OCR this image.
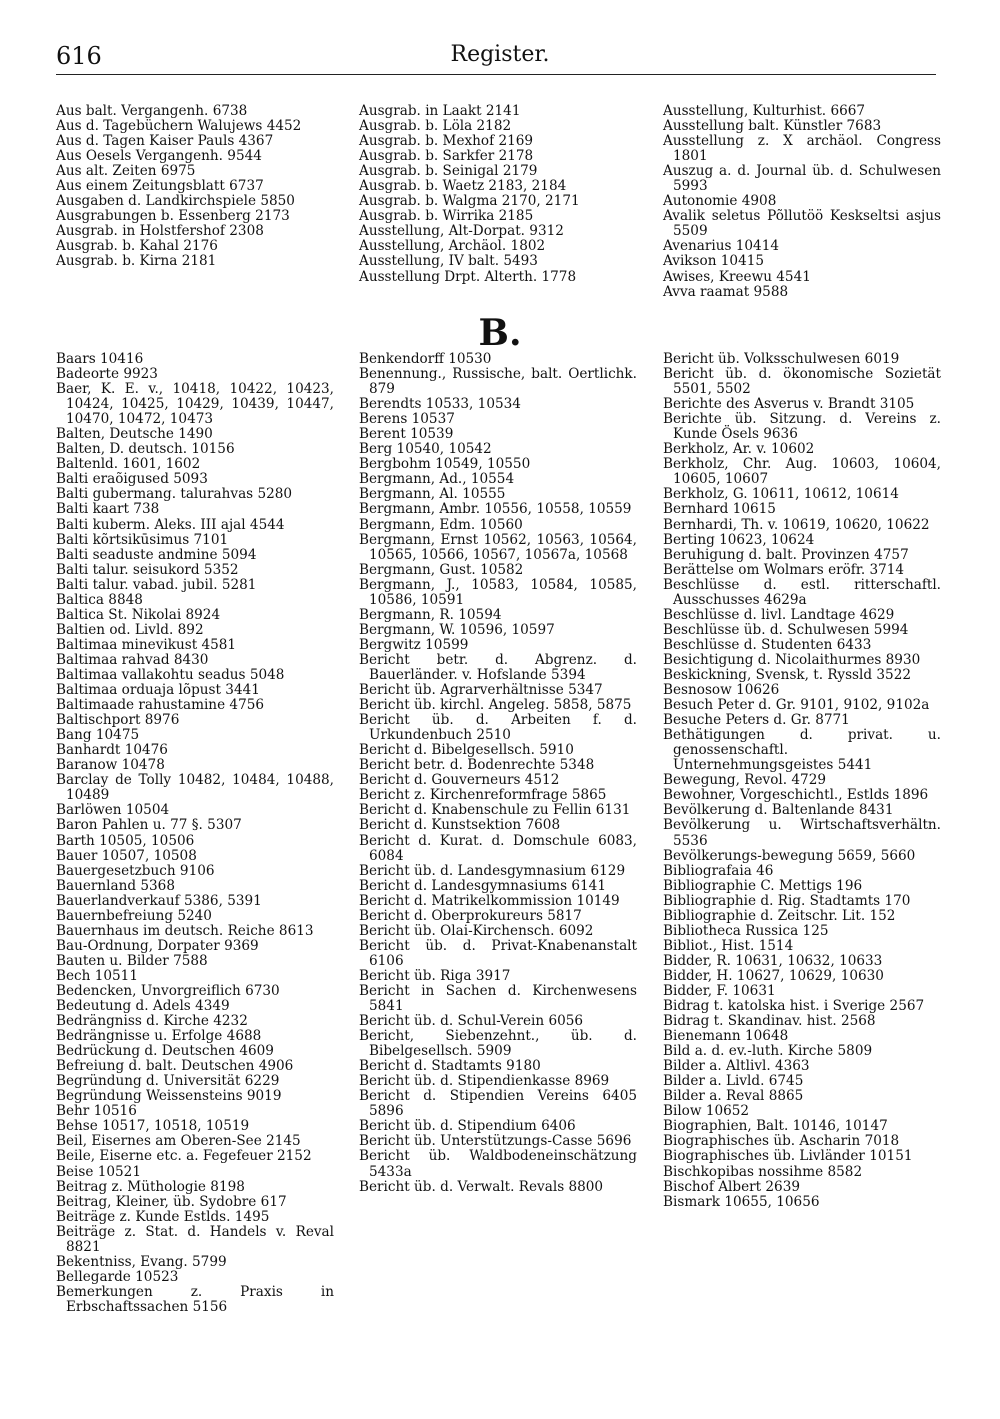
616	Register.
Aus balt. Vergangenh. 6738
Aus d. Tagebüchern Walujews 4452
Aus d. Tagen Kaiser Pauls 4367
Aus Oesels Vergangenh. 9544
Aus alt. Zeiten 6975
Aus einem Zeitungsblatt 6737
Ausgaben d. Landkirchspiele 5850
Ausgrabungen b. Essenberg 2173
Ausgrab. in Holstfershof 2308
Ausgrab. b. Kahal 2176
Ausgrab. b. Kirna 2181
Ausgrab. in Laakt 2141
Ausgrab. b. Löla 2182
Ausgrab. b. Mexhof 2169
Ausgrab. b. Sarkfer 2178
Ausgrab. b. Seinigal 2179
Ausgrab. b. Waetz 2183, 2184
Ausgrab. b. Walgma 2170, 2171
Ausgrab. b. Wirrika 2185
Ausstellung, Alt-Dorpat. 9312
Ausstellung, Archäol. 1802
Ausstellung, IV balt. 5493
Ausstellung Drpt. Alterth. 1778
Ausstellung, Kulturhist. 6667
Ausstellung balt. Künstler 7683
Ausstellung z. X archäol. Congress 1801
Auszug a. d. Journal üb. d. Schulwesen 5993
Autonomie 4908
Avalik seletus Põllutöö Keskseltsi asjus 5509
Avenarius 10414
Avikson 10415
Awises, Kreewu 4541
Avva raamat 9588
B.
Baars 10416
Badeorte 9923
Baer, K. E. v., 10418, 10422, 10423, 10424, 10425, 10429, 10439, 10447, 10470, 10472, 10473
Balten, Deutsche 1490
Balten, D. deutsch. 10156
Baltenld. 1601, 1602
Balti eraõigused 5093
Balti gubermang. talurahvas 5280
Balti kaart 738
Balti kuberm. Aleks. III ajal 4544
Balti kõrtsikūsimus 7101
Balti seaduste andmine 5094
Balti talur. seisukord 5352
Balti talur. vabad. jubil. 5281
Baltica 8848
Baltica St. Nikolai 8924
Baltien od. Livld. 892
Baltimaa minevikust 4581
Baltimaa rahvad 8430
Baltimaa vallakohtu seadus 5048
Baltimaa orduaja lõpust 3441
Baltimaade rahustamine 4756
Baltischport 8976
Bang 10475
Banhardt 10476
Baranow 10478
Barclay de Tolly 10482, 10484, 10488, 10489
Barlöwen 10504
Baron Pahlen u. 77 §. 5307
Barth 10505, 10506
Bauer 10507, 10508
Bauergesetzbuch 9106
Bauernland 5368
Bauerlandverkauf 5386, 5391
Bauernbefreiung 5240
Bauernhaus im deutsch. Reiche 8613
Bau-Ordnung, Dorpater 9369
Bauten u. Bilder 7588
Bech 10511
Bedencken, Unvorgreiflich 6730
Bedeutung d. Adels 4349
Bedrängniss d. Kirche 4232
Bedrängnisse u. Erfolge 4688
Bedrückung d. Deutschen 4609
Befreiung d. balt. Deutschen 4906
Begründung d. Universität 6229
Begründung Weissensteins 9019
Behr 10516
Behse 10517, 10518, 10519
Beil, Eisernes am Oberen-See 2145
Beile, Eiserne etc. a. Fegefeuer 2152
Beise 10521
Beitrag z. Müthologie 8198
Beitrag, Kleiner, üb. Sydobre 617
Beiträge z. Kunde Estlds. 1495
Beiträge z. Stat. d. Handels v. Reval 8821
Bekentniss, Evang. 5799
Bellegarde 10523
Bemerkungen z. Praxis in Erbschaftssachen 5156
Benkendorff 10530
Benennung., Russische, balt. Oertlichk. 879
Berendts 10533, 10534
Berens 10537
Berent 10539
Berg 10540, 10542
Bergbohm 10549, 10550
Bergmann, Ad., 10554
Bergmann, Al. 10555
Bergmann, Ambr. 10556, 10558, 10559
Bergmann, Edm. 10560
Bergmann, Ernst 10562, 10563, 10564, 10565, 10566, 10567, 10567a, 10568
Bergmann, Gust. 10582
Bergmann, J., 10583, 10584, 10585, 10586, 10591
Bergmann, R. 10594
Bergmann, W. 10596, 10597
Bergwitz 10599
Bericht betr. d. Abgrenz. d. Bauerländer. v. Hofslande 5394
Bericht üb. Agrarverhältnisse 5347
Bericht üb. kirchl. Angeleg. 5858, 5875
Bericht üb. d. Arbeiten f. d. Urkundenbuch 2510
Bericht d. Bibelgesellsch. 5910
Bericht betr. d. Bodenrechte 5348
Bericht d. Gouverneurs 4512
Bericht z. Kirchenreformfrage 5865
Bericht d. Knabenschule zu Fellin 6131
Bericht d. Kunstsektion 7608
Bericht d. Kurat. d. Domschule 6083, 6084
Bericht üb. d. Landesgymnasium 6129
Bericht d. Landesgymnasiums 6141
Bericht d. Matrikelkommission 10149
Bericht d. Oberprokureurs 5817
Bericht üb. Olai-Kirchensch. 6092
Bericht üb. d. Privat-Knabenanstalt 6106
Bericht üb. Riga 3917
Bericht in Sachen d. Kirchenwesens 5841
Bericht üb. d. Schul-Verein 6056
Bericht, Siebenzehnt., üb. d. Bibelgesellsch. 5909
Bericht d. Stadtamts 9180
Bericht üb. d. Stipendienkasse 8969
Bericht d. Stipendien Vereins 6405 5896
Bericht üb. d. Stipendium 6406
Bericht üb. Unterstützungs-Casse 5696
Bericht üb. Waldbodeneinschätzung 5433a
Bericht üb. d. Verwalt. Revals 8800
Bericht üb. Volksschulwesen 6019
Bericht üb. d. ökonomische Sozietät 5501, 5502
Berichte des Asverus v. Brandt 3105
Berichte üb. Sitzung. d. Vereins z. Kunde Ösels 9636
Berkholz, Ar. v. 10602
Berkholz, Chr. Aug. 10603, 10604, 10605, 10607
Berkholz, G. 10611, 10612, 10614
Bernhard 10615
Bernhardi, Th. v. 10619, 10620, 10622
Berting 10623, 10624
Beruhigung d. balt. Provinzen 4757
Berättelse om Wolmars eröfr. 3714
Beschlüsse d. estl. ritterschaftl. Ausschusses 4629a
Beschlüsse d. livl. Landtage 4629
Beschlüsse üb. d. Schulwesen 5994
Beschlüsse d. Studenten 6433
Besichtigung d. Nicolaithurmes 8930
Beskickning, Svensk, t. Ryssld 3522
Besnosow 10626
Besuch Peter d. Gr. 9101, 9102, 9102a
Besuche Peters d. Gr. 8771
Bethätigungen d. privat. u. genossenschaftl. Unternehmungsgeistes 5441
Bewegung, Revol. 4729
Bewohner, Vorgeschichtl., Estlds 1896
Bevölkerung d. Baltenlande 8431
Bevölkerung u. Wirtschaftsverhältn. 5536
Bevölkerungs-bewegung 5659, 5660
Bibliografaia 46
Bibliographie C. Mettigs 196
Bibliographie d. Rig. Stadtamts 170
Bibliographie d. Zeitschr. Lit. 152
Bibliotheca Russica 125
Bibliot., Hist. 1514
Bidder, R. 10631, 10632, 10633
Bidder, H. 10627, 10629, 10630
Bidder, F. 10631
Bidrag t. katolska hist. i Sverige 2567
Bidrag t. Skandinav. hist. 2568
Bienemann 10648
Bild a. d. ev.-luth. Kirche 5809
Bilder a. Altlivl. 4363
Bilder a. Livld. 6745
Bilder a. Reval 8865
Bilow 10652
Biographien, Balt. 10146, 10147
Biographisches üb. Ascharin 7018
Biographisches üb. Livländer 10151
Bischkopibas nossihme 8582
Bischof Albert 2639
Bismark 10655, 10656
